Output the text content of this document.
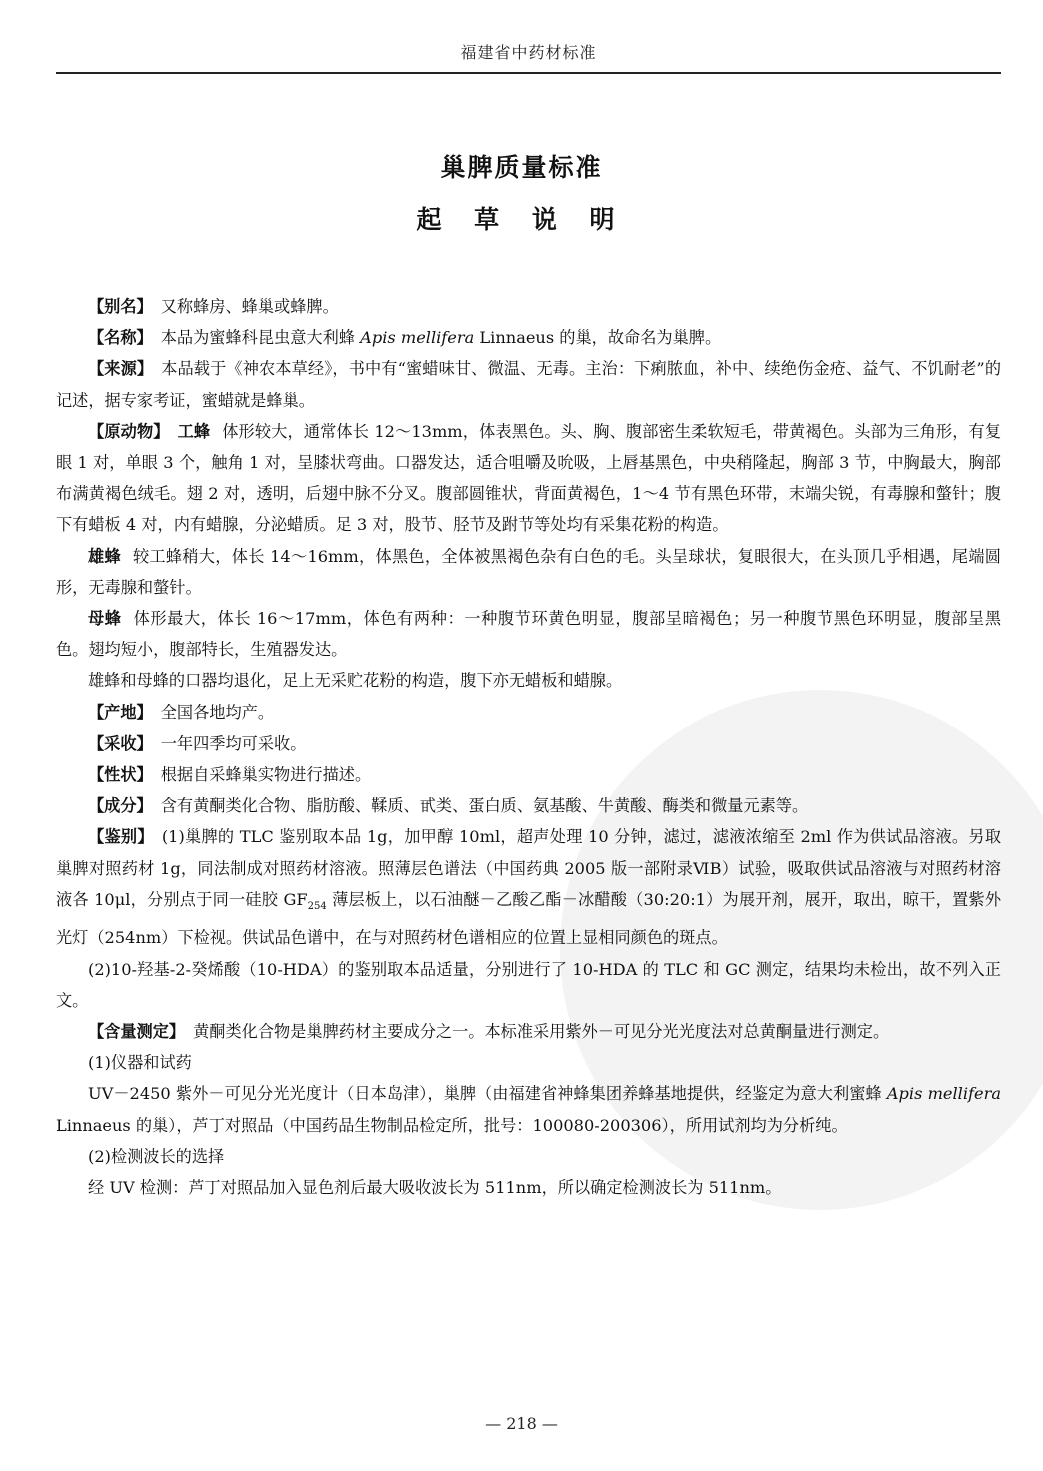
福建省中药材标准
巢脾质量标准
起 草 说 明

【别名】 又称蜂房、蜂巢或蜂脾。

【名称】 本品为蜜蜂科昆虫意大利蜂 Apis mellifera Linnaeus 的巢，故命名为巢脾。

【来源】 本品载于《神农本草经》，书中有“蜜蜡味甘、微温、无毒。主治：下痢脓血，补中、续绝伤金疮、益气、不饥耐老”的记述，据专家考证，蜜蜡就是蜂巢。

【原动物】 工蜂 体形较大，通常体长 12～13mm，体表黑色。头、胸、腹部密生柔软短毛，带黄褐色。头部为三角形，有复眼 1 对，单眼 3 个，触角 1 对，呈膝状弯曲。口器发达，适合咀嚼及吮吸，上唇基黑色，中央稍隆起，胸部 3 节，中胸最大，胸部布满黄褐色绒毛。翅 2 对，透明，后翅中脉不分叉。腹部圆锥状，背面黄褐色，1～4 节有黑色环带，末端尖锐，有毒腺和螫针；腹下有蜡板 4 对，内有蜡腺，分泌蜡质。足 3 对，股节、胫节及跗节等处均有采集花粉的构造。

雄蜂 较工蜂稍大，体长 14～16mm，体黑色，全体被黑褐色杂有白色的毛。头呈球状，复眼很大，在头顶几乎相遇，尾端圆形，无毒腺和螫针。

母蜂 体形最大，体长 16～17mm，体色有两种：一种腹节环黄色明显，腹部呈暗褐色；另一种腹节黑色环明显，腹部呈黑色。翅均短小，腹部特长，生殖器发达。

雄蜂和母蜂的口器均退化，足上无采贮花粉的构造，腹下亦无蜡板和蜡腺。

【产地】 全国各地均产。

【采收】 一年四季均可采收。

【性状】 根据自采蜂巢实物进行描述。

【成分】 含有黄酮类化合物、脂肪酸、鞣质、甙类、蛋白质、氨基酸、牛黄酸、酶类和微量元素等。

【鉴别】 (1)巢脾的 TLC 鉴别取本品 1g，加甲醇 10ml，超声处理 10 分钟，滤过，滤液浓缩至 2ml 作为供试品溶液。另取巢脾对照药材 1g，同法制成对照药材溶液。照薄层色谱法（中国药典 2005 版一部附录ⅥB）试验，吸取供试品溶液与对照药材溶液各 10μl，分别点于同一硅胶 $GF_{254}$ 薄层板上，以石油醚－乙酸乙酯－冰醋酸（30:20:1）为展开剂，展开，取出，晾干，置紫外光灯（254nm）下检视。供试品色谱中，在与对照药材色谱相应的位置上显相同颜色的斑点。

(2)10-羟基-2-癸烯酸（10-HDA）的鉴别取本品适量，分别进行了 10-HDA 的 TLC 和 GC 测定，结果均未检出，故不列入正文。

【含量测定】 黄酮类化合物是巢脾药材主要成分之一。本标准采用紫外－可见分光光度法对总黄酮量进行测定。

(1)仪器和试药

UV－2450 紫外－可见分光光度计（日本岛津），巢脾（由福建省神蜂集团养蜂基地提供，经鉴定为意大利蜜蜂 Apis mellifera Linnaeus 的巢），芦丁对照品（中国药品生物制品检定所，批号：100080-200306），所用试剂均为分析纯。

(2)检测波长的选择

经 UV 检测：芦丁对照品加入显色剂后最大吸收波长为 511nm，所以确定检测波长为 511nm。

— 218 —
